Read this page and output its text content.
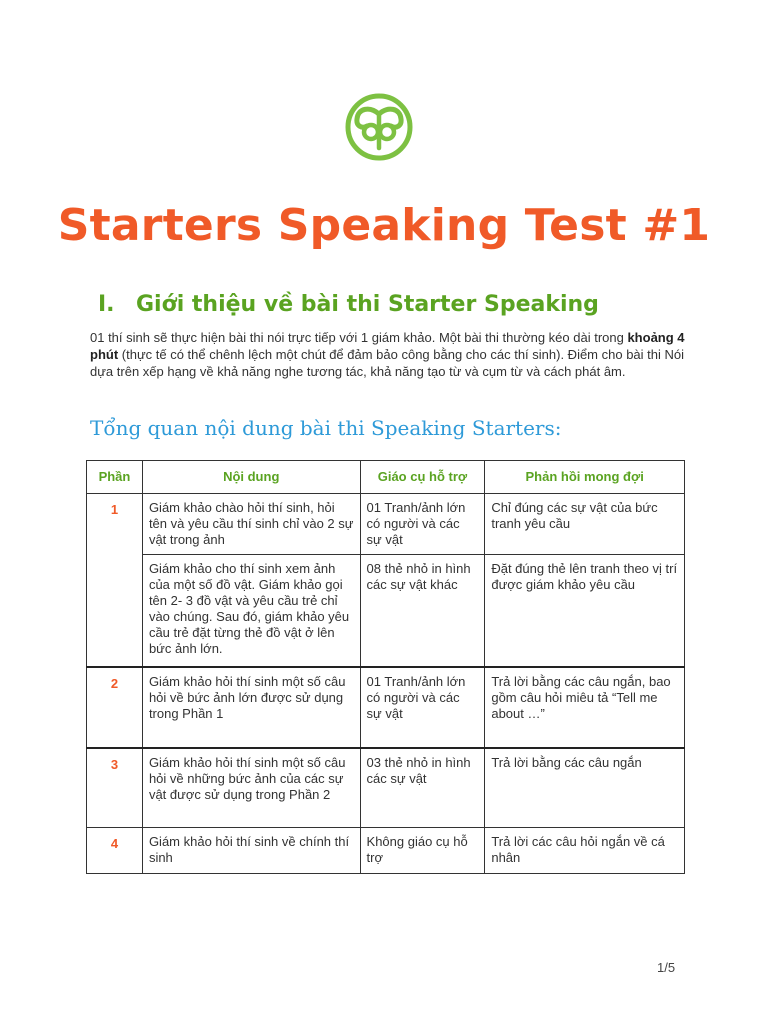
Starters Speaking Test #1
I. Giới thiệu về bài thi Starter Speaking
01 thí sinh sẽ thực hiện bài thi nói trực tiếp với 1 giám khảo. Một bài thi thường kéo dài trong khoảng 4 phút (thực tế có thể chênh lệch một chút để đảm bảo công bằng cho các thí sinh). Điểm cho bài thi Nói dựa trên xếp hạng về khả năng nghe tương tác, khả năng tạo từ và cụm từ và cách phát âm.
Tổng quan nội dung bài thi Speaking Starters:
Phần	Nội dung	Giáo cụ hỗ trợ	Phản hồi mong đợi
1	Giám khảo chào hỏi thí sinh, hỏi tên và yêu cầu thí sinh chỉ vào 2 sự vật trong ảnh	01 Tranh/ảnh lớn có người và các sự vật	Chỉ đúng các sự vật của bức tranh yêu cầu
	Giám khảo cho thí sinh xem ảnh của một số đồ vật. Giám khảo gọi tên 2- 3 đồ vật và yêu cầu trẻ chỉ vào chúng. Sau đó, giám khảo yêu cầu trẻ đặt từng thẻ đồ vật ở lên bức ảnh lớn.	08 thẻ nhỏ in hình các sự vật khác	Đặt đúng thẻ lên tranh theo vị trí được giám khảo yêu cầu
2	Giám khảo hỏi thí sinh một số câu hỏi về bức ảnh lớn được sử dụng trong Phần 1	01 Tranh/ảnh lớn có người và các sự vật	Trả lời bằng các câu ngắn, bao gồm câu hỏi miêu tả “Tell me about …”
3	Giám khảo hỏi thí sinh một số câu hỏi về những bức ảnh của các sự vật được sử dụng trong Phần 2	03 thẻ nhỏ in hình các sự vật	Trả lời bằng các câu ngắn
4	Giám khảo hỏi thí sinh về chính thí sinh	Không giáo cụ hỗ trợ	Trả lời các câu hỏi ngắn về cá nhân
1/5
